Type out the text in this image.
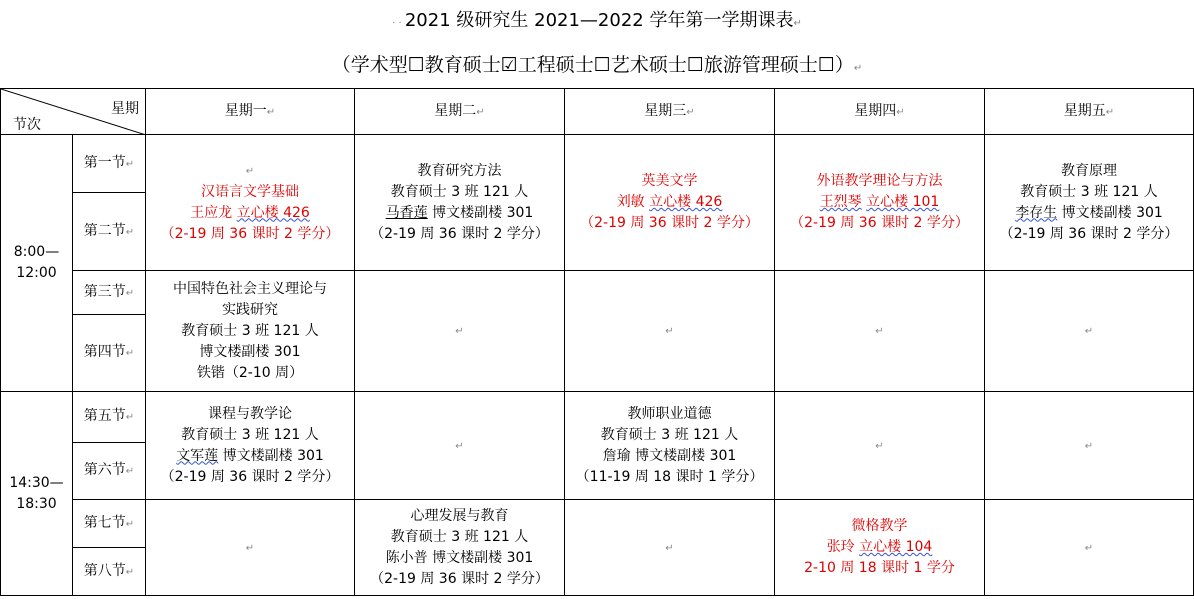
· · 2021 级研究生 2021—2022 学年第一学期课表↵
（学术型☐教育硕士☑工程硕士☐艺术硕士☐旅游管理硕士☐）↵
星期
节次		星期一↵	星期二↵	星期三↵	星期四↵	星期五↵

8:00—
12:00	第一节↵	↵
汉语言文学基础
王应龙 立心楼 426
（2-19 周 36 课时 2 学分）	教育研究方法
教育硕士 3 班 121 人
马香莲 博文楼副楼 301
（2-19 周 36 课时 2 学分）	英美文学
刘敏 立心楼 426
（2-19 周 36 课时 2 学分）	外语教学理论与方法
王烈琴 立心楼 101
（2-19 周 36 课时 2 学分）	教育原理
教育硕士 3 班 121 人
李存生 博文楼副楼 301
（2-19 周 36 课时 2 学分）

	第二节↵					
	第三节↵	中国特色社会主义理论与
实践研究
教育硕士 3 班 121 人
博文楼副楼 301
铁锴（2-10 周）	↵	↵	↵	↵
	第四节↵					

14:30—
18:30	第五节↵	课程与教学论
教育硕士 3 班 121 人
文军莲 博文楼副楼 301
（2-19 周 36 课时 2 学分）	↵	教师职业道德
教育硕士 3 班 121 人
詹瑜 博文楼副楼 301
（11-19 周 18 课时 1 学分）	↵	↵
	第六节↵					
	第七节↵	↵	心理发展与教育
教育硕士 3 班 121 人
陈小普 博文楼副楼 301
（2-19 周 36 课时 2 学分）	↵	微格教学
张玲 立心楼 104
2-10 周 18 课时 1 学分	↵
	第八节↵					
